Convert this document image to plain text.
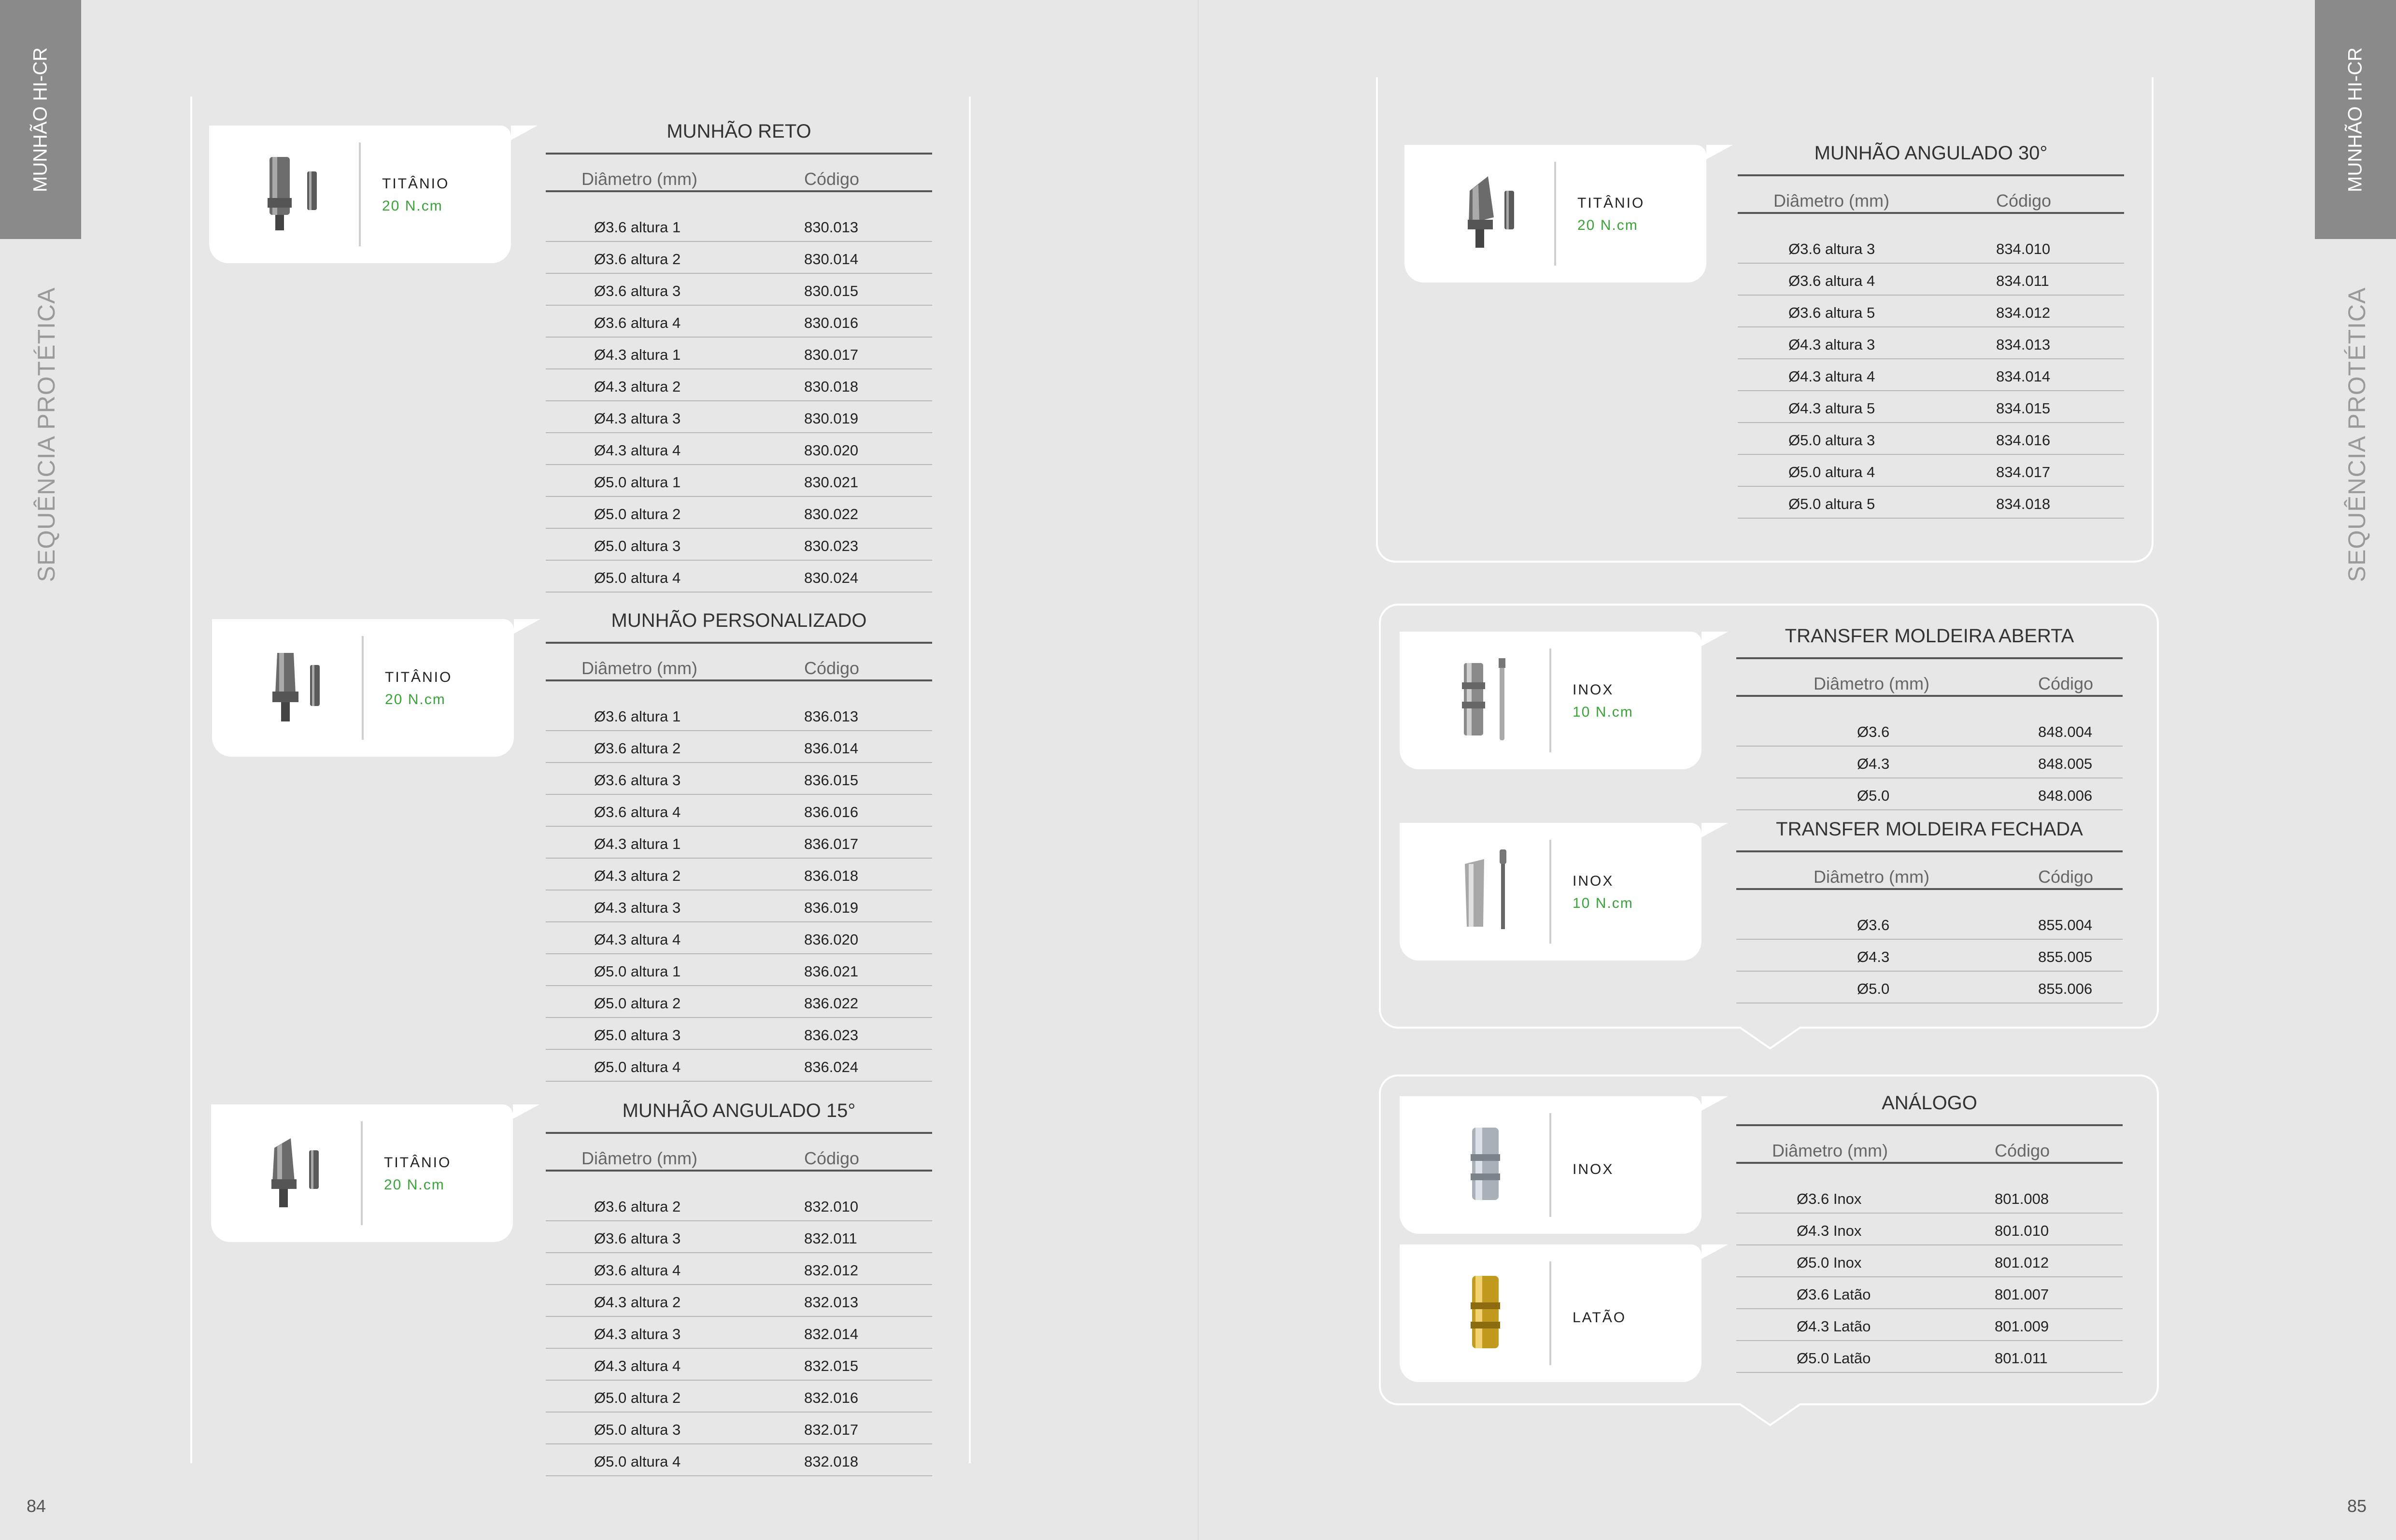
MUNHÃO HI-CR
SEQUÊNCIA PROTÉTICA
84
MUNHÃO HI-CR
SEQUÊNCIA PROTÉTICA
85
TITÂNIO
20 N.cm
MUNHÃO RETO
Diâmetro (mm)	Código
Ø3.6 altura 1	830.013
Ø3.6 altura 2	830.014
Ø3.6 altura 3	830.015
Ø3.6 altura 4	830.016
Ø4.3 altura 1	830.017
Ø4.3 altura 2	830.018
Ø4.3 altura 3	830.019
Ø4.3 altura 4	830.020
Ø5.0 altura 1	830.021
Ø5.0 altura 2	830.022
Ø5.0 altura 3	830.023
Ø5.0 altura 4	830.024
TITÂNIO
20 N.cm
MUNHÃO PERSONALIZADO
Diâmetro (mm)	Código
Ø3.6 altura 1	836.013
Ø3.6 altura 2	836.014
Ø3.6 altura 3	836.015
Ø3.6 altura 4	836.016
Ø4.3 altura 1	836.017
Ø4.3 altura 2	836.018
Ø4.3 altura 3	836.019
Ø4.3 altura 4	836.020
Ø5.0 altura 1	836.021
Ø5.0 altura 2	836.022
Ø5.0 altura 3	836.023
Ø5.0 altura 4	836.024
TITÂNIO
20 N.cm
MUNHÃO ANGULADO 15°
Diâmetro (mm)	Código
Ø3.6 altura 2	832.010
Ø3.6 altura 3	832.011
Ø3.6 altura 4	832.012
Ø4.3 altura 2	832.013
Ø4.3 altura 3	832.014
Ø4.3 altura 4	832.015
Ø5.0 altura 2	832.016
Ø5.0 altura 3	832.017
Ø5.0 altura 4	832.018
TITÂNIO
20 N.cm
MUNHÃO ANGULADO 30°
Diâmetro (mm)	Código
Ø3.6 altura 3	834.010
Ø3.6 altura 4	834.011
Ø3.6 altura 5	834.012
Ø4.3 altura 3	834.013
Ø4.3 altura 4	834.014
Ø4.3 altura 5	834.015
Ø5.0 altura 3	834.016
Ø5.0 altura 4	834.017
Ø5.0 altura 5	834.018
INOX
10 N.cm
TRANSFER MOLDEIRA ABERTA
Diâmetro (mm)	Código
Ø3.6	848.004
Ø4.3	848.005
Ø5.0	848.006
INOX
10 N.cm
TRANSFER MOLDEIRA FECHADA
Diâmetro (mm)	Código
Ø3.6	855.004
Ø4.3	855.005
Ø5.0	855.006
INOX
LATÃO
ANÁLOGO
Diâmetro (mm)	Código
Ø3.6 Inox	801.008
Ø4.3 Inox	801.010
Ø5.0 Inox	801.012
Ø3.6 Latão	801.007
Ø4.3 Latão	801.009
Ø5.0 Latão	801.011
